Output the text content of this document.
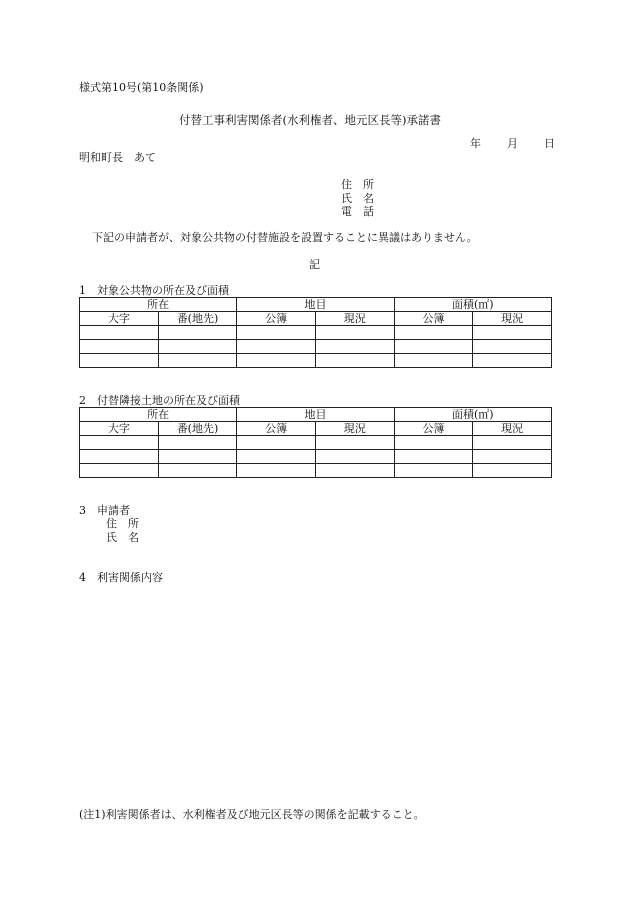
様式第10号(第10条関係)
付替工事利害関係者(水利権者、地元区長等)承諾書
年 月 日
明和町長　あて
住　所
氏　名
電　話
下記の申請者が、対象公共物の付替施設を設置することに異議はありません。
記
1　対象公共物の所在及び面積
所在		地目		面積(㎡)	
大字	番(地先)	公簿	現況	公簿	現況

2　付替隣接土地の所在及び面積
所在		地目		面積(㎡)	
大字	番(地先)	公簿	現況	公簿	現況

3　申請者
住　所
氏　名
4　利害関係内容
(注1)利害関係者は、水利権者及び地元区長等の関係を記載すること。
